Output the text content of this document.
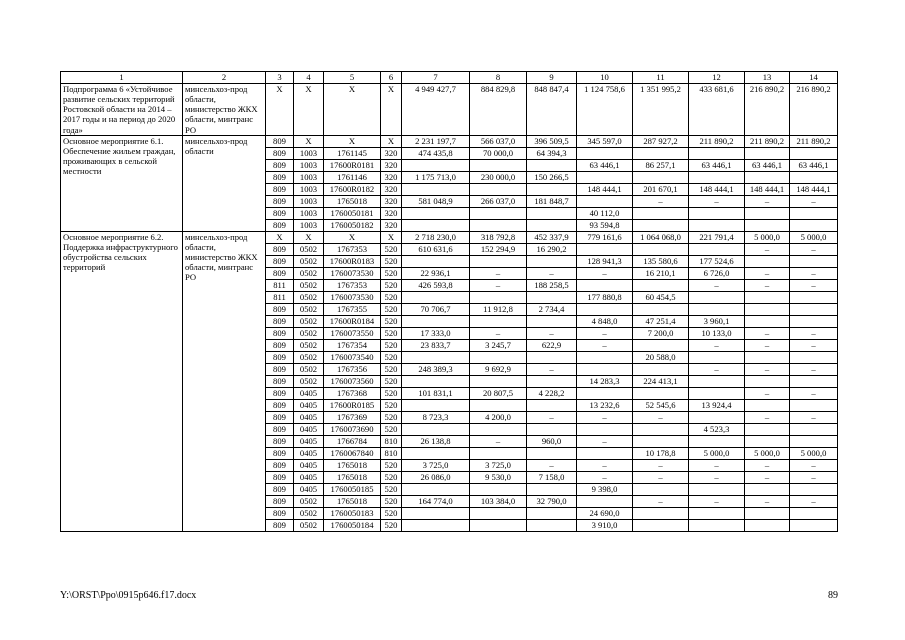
1	2	3	4	5	6	7	8	9	10	11	12	13	14
Подпрограмма 6 «Устойчивое развитие сельских территорий Ростовской области на 2014 – 2017 годы и на период до 2020 года»	минсельхоз-прод области, министерство ЖКХ области, минтранс РО	X	X	X	X	4 949 427,7	884 829,8	848 847,4	1 124 758,6	1 351 995,2	433 681,6	216 890,2	216 890,2
Основное мероприятие 6.1. Обеспечение жильем граждан, проживающих в сельской местности	минсельхоз-прод области	809	X	X	X	2 231 197,7	566 037,0	396 509,5	345 597,0	287 927,2	211 890,2	211 890,2	211 890,2
		809	1003	1761145	320	474 435,8	70 000,0	64 394,3					
		809	1003	17600R0181	320				63 446,1	86 257,1	63 446,1	63 446,1	63 446,1
		809	1003	1761146	320	1 175 713,0	230 000,0	150 266,5					
		809	1003	17600R0182	320				148 444,1	201 670,1	148 444,1	148 444,1	148 444,1
		809	1003	1765018	320	581 048,9	266 037,0	181 848,7		–	–	–	–
		809	1003	1760050181	320				40 112,0				
		809	1003	1760050182	320				93 594,8				
Основное мероприятие 6.2. Поддержка инфраструктурного обустройства сельских территорий	минсельхоз-прод области, министерство ЖКХ области, минтранс РО	X	X	X	X	2 718 230,0	318 792,8	452 337,9	779 161,6	1 064 068,0	221 791,4	5 000,0	5 000,0
		809	0502	1767353	520	610 631,6	152 294,9	16 290,2				–	–
		809	0502	17600R0183	520				128 941,3	135 580,6	177 524,6		
		809	0502	1760073530	520	22 936,1	–	–	–	16 210,1	6 726,0	–	–
		811	0502	1767353	520	426 593,8	–	188 258,5			–	–	–
		811	0502	1760073530	520				177 880,8	60 454,5			
		809	0502	1767355	520	70 706,7	11 912,8	2 734,4					
		809	0502	17600R0184	520				4 848,0	47 251,4	3 960,1		
		809	0502	1760073550	520	17 333,0	–	–	–	7 200,0	10 133,0	–	–
		809	0502	1767354	520	23 833,7	3 245,7	622,9	–		–	–	–
		809	0502	1760073540	520					20 588,0			
		809	0502	1767356	520	248 389,3	9 692,9	–			–	–	–
		809	0502	1760073560	520				14 283,3	224 413,1			
		809	0405	1767368	520	101 831,1	20 807,5	4 228,2				–	–
		809	0405	17600R0185	520				13 232,6	52 545,6	13 924,4		
		809	0405	1767369	520	8 723,3	4 200,0	–	–	–		–	–
		809	0405	1760073690	520						4 523,3		
		809	0405	1766784	810	26 138,8	–	960,0	–				
		809	0405	1760067840	810					10 178,8	5 000,0	5 000,0	5 000,0
		809	0405	1765018	520	3 725,0	3 725,0	–	–	–	–	–	–
		809	0405	1765018	520	26 086,0	9 530,0	7 158,0	–	–	–	–	–
		809	0405	1760050185	520				9 398,0				
		809	0502	1765018	520	164 774,0	103 384,0	32 790,0		–	–	–	–
		809	0502	1760050183	520				24 690,0				
		809	0502	1760050184	520				3 910,0				
Y:\ORST\Ppo\0915p646.f17.docx	89
